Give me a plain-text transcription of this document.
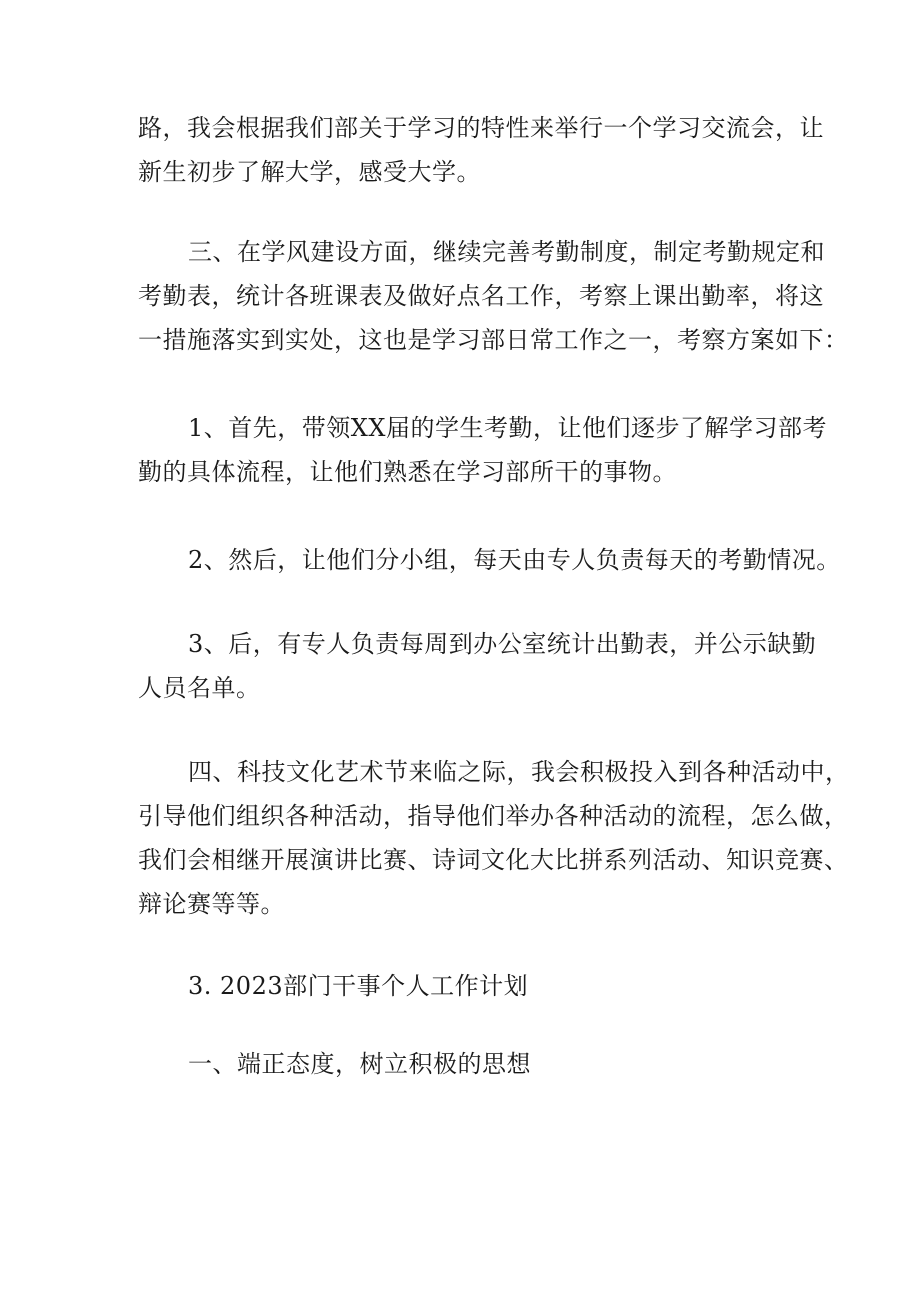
路，我会根据我们部关于学习的特性来举行一个学习交流会，让
新生初步了解大学，感受大学。

三、在学风建设方面，继续完善考勤制度，制定考勤规定和
考勤表，统计各班课表及做好点名工作，考察上课出勤率，将这
一措施落实到实处，这也是学习部日常工作之一，考察方案如下：

1、首先，带领XX届的学生考勤，让他们逐步了解学习部考
勤的具体流程，让他们熟悉在学习部所干的事物。

2、然后，让他们分小组，每天由专人负责每天的考勤情况。

3、后，有专人负责每周到办公室统计出勤表，并公示缺勤
人员名单。

四、科技文化艺术节来临之际，我会积极投入到各种活动中，
引导他们组织各种活动，指导他们举办各种活动的流程，怎么做，
我们会相继开展演讲比赛、诗词文化大比拼系列活动、知识竞赛、
辩论赛等等。

3. 2023部门干事个人工作计划

一、端正态度，树立积极的思想
